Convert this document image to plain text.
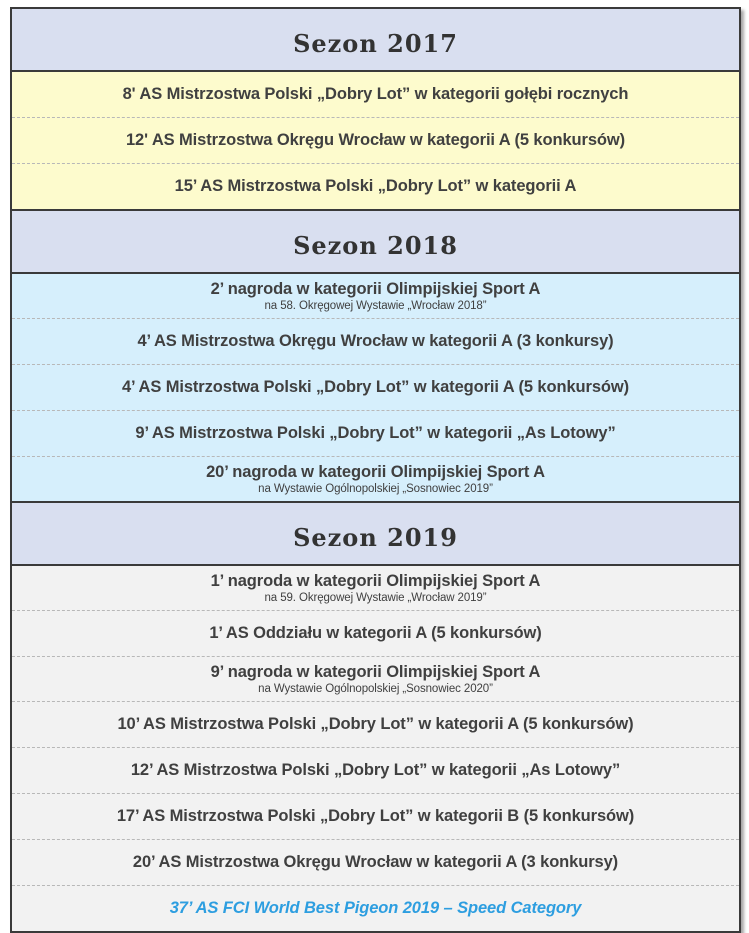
Sezon 2017
8' AS Mistrzostwa Polski „Dobry Lot” w kategorii gołębi rocznych
12' AS Mistrzostwa Okręgu Wrocław w kategorii A (5 konkursów)
15’ AS Mistrzostwa Polski „Dobry Lot” w kategorii A
Sezon 2018
2’ nagroda w kategorii Olimpijskiej Sport A
na 58. Okręgowej Wystawie „Wrocław 2018”
4’ AS Mistrzostwa Okręgu Wrocław w kategorii A (3 konkursy)
4’ AS Mistrzostwa Polski „Dobry Lot” w kategorii A (5 konkursów)
9’ AS Mistrzostwa Polski „Dobry Lot” w kategorii „As Lotowy”
20’ nagroda w kategorii Olimpijskiej Sport A
na Wystawie Ogólnopolskiej „Sosnowiec 2019”
Sezon 2019
1’ nagroda w kategorii Olimpijskiej Sport A
na 59. Okręgowej Wystawie „Wrocław 2019”
1’ AS Oddziału w kategorii A (5 konkursów)
9’ nagroda w kategorii Olimpijskiej Sport A
na Wystawie Ogólnopolskiej „Sosnowiec 2020”
10’ AS Mistrzostwa Polski „Dobry Lot” w kategorii A (5 konkursów)
12’ AS Mistrzostwa Polski „Dobry Lot” w kategorii „As Lotowy”
17’ AS Mistrzostwa Polski „Dobry Lot” w kategorii B (5 konkursów)
20’ AS Mistrzostwa Okręgu Wrocław w kategorii A (3 konkursy)
37’ AS FCI World Best Pigeon 2019 – Speed Category
